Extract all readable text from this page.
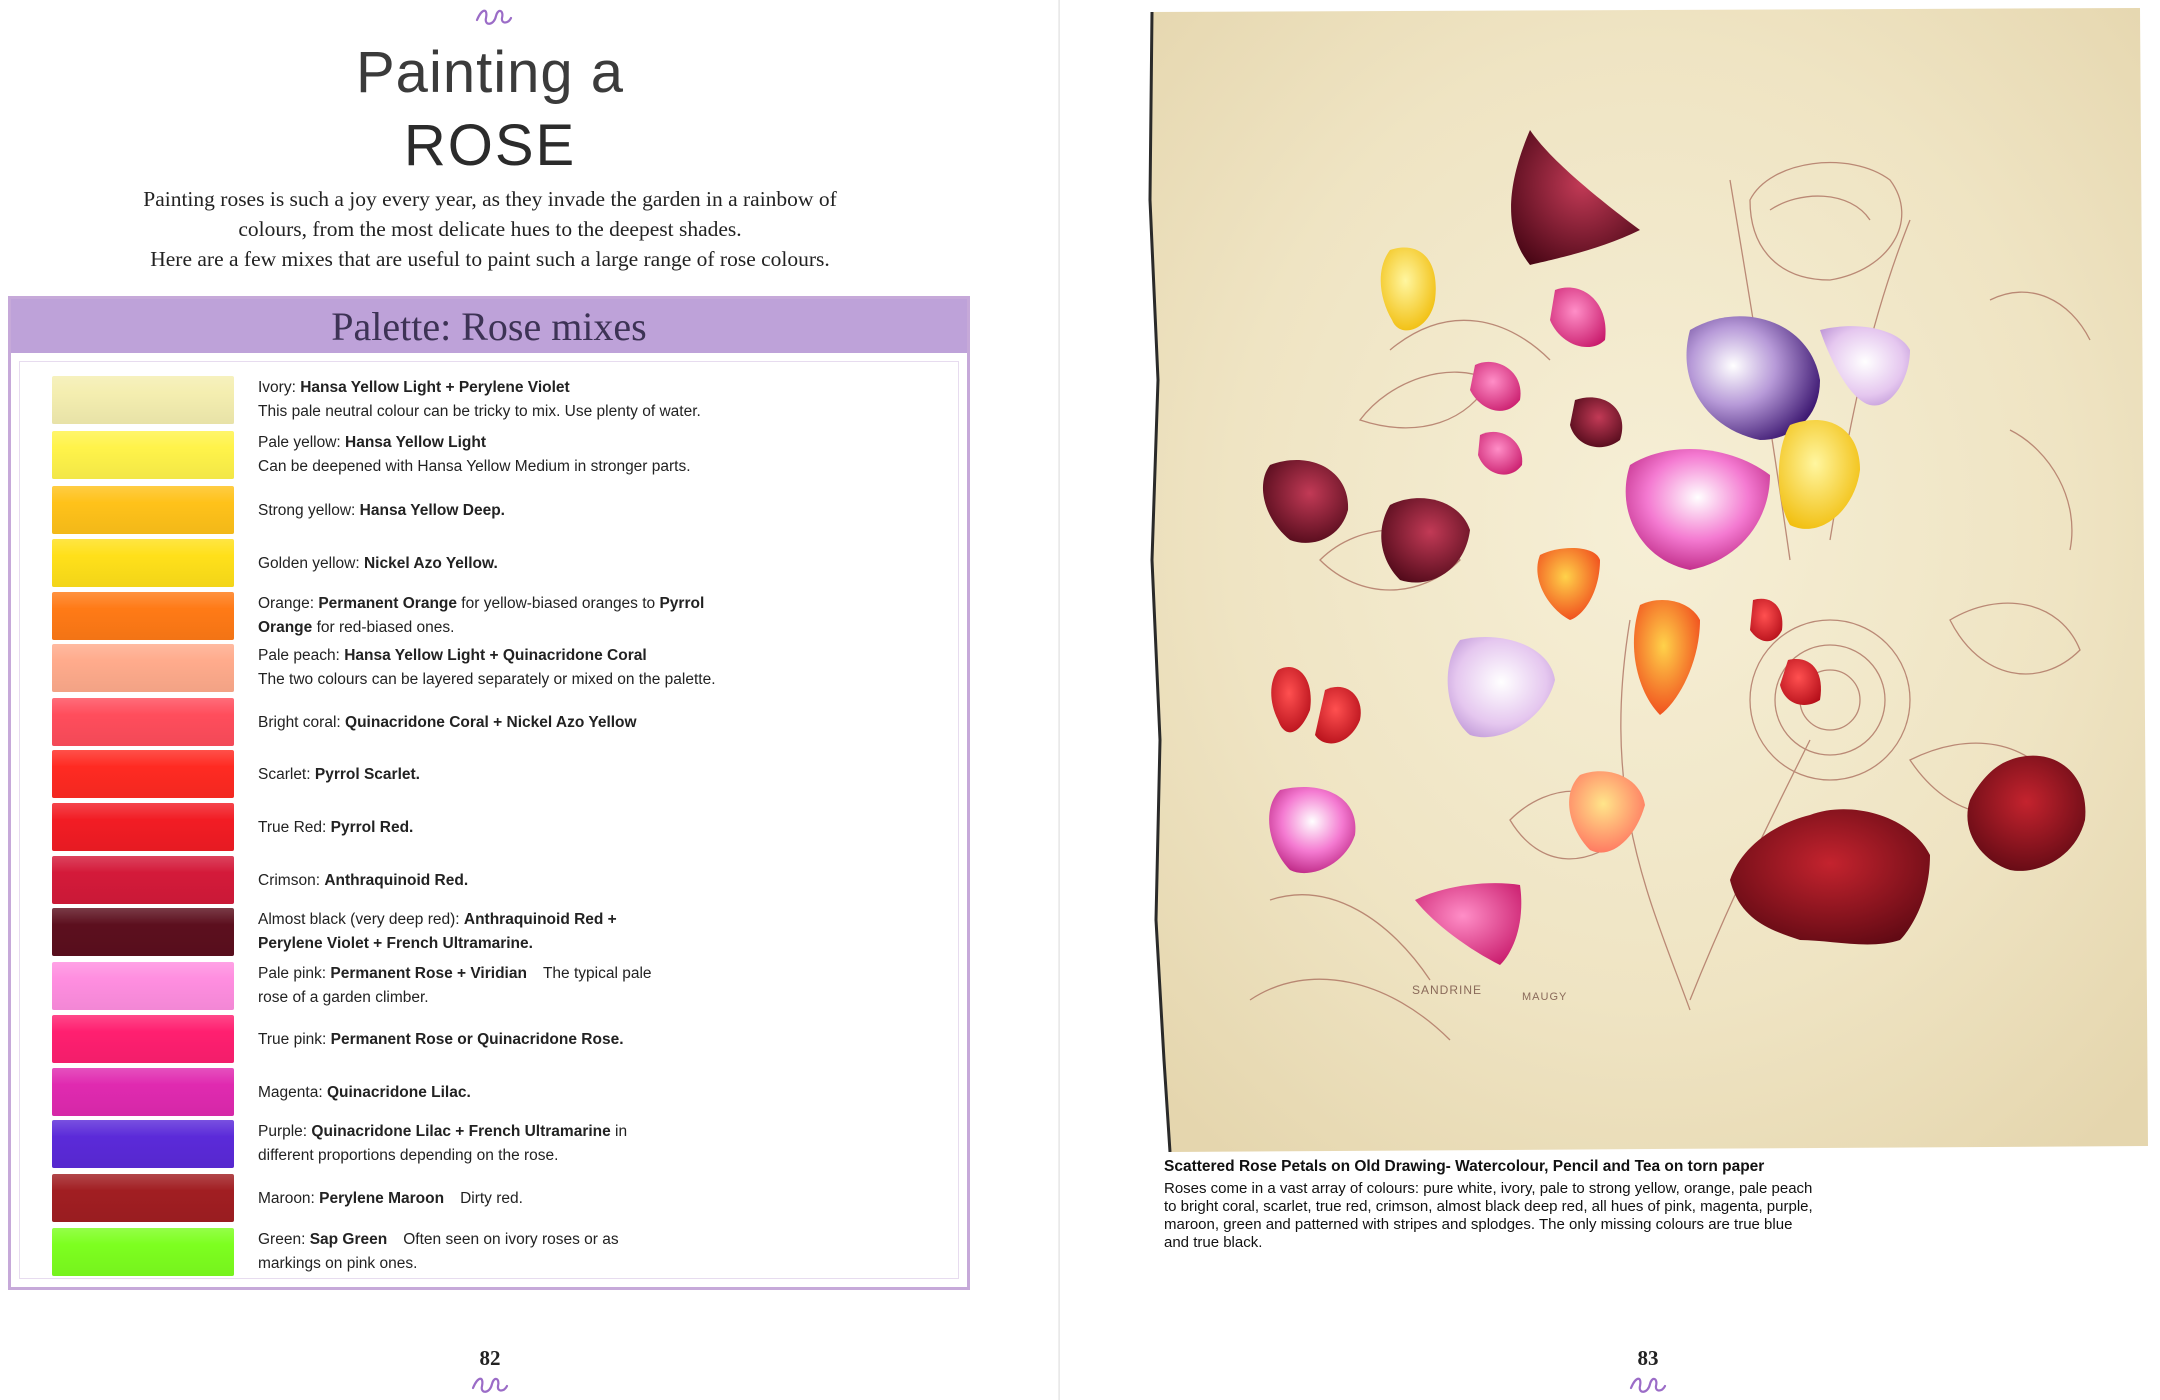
Painting a
ROSE
Painting roses is such a joy every year, as they invade the garden in a rainbow of
colours, from the most delicate hues to the deepest shades.
Here are a few mixes that are useful to paint such a large range of rose colours.
Palette: Rose mixes
Ivory: Hansa Yellow Light + Perylene Violet
This pale neutral colour can be tricky to mix. Use plenty of water.
Pale yellow: Hansa Yellow Light
Can be deepened with Hansa Yellow Medium in stronger parts.
Strong yellow: Hansa Yellow Deep.
Golden yellow: Nickel Azo Yellow.
Orange: Permanent Orange for yellow-biased oranges to Pyrrol
Orange for red-biased ones.
Pale peach: Hansa Yellow Light + Quinacridone Coral
The two colours can be layered separately or mixed on the palette.
Bright coral: Quinacridone Coral + Nickel Azo Yellow
Scarlet: Pyrrol Scarlet.
True Red: Pyrrol Red.
Crimson: Anthraquinoid Red.
Almost black (very deep red): Anthraquinoid Red +
Perylene Violet + French Ultramarine.
Pale pink: Permanent Rose + Viridian The typical pale
rose of a garden climber.
True pink: Permanent Rose or Quinacridone Rose.
Magenta: Quinacridone Lilac.
Purple: Quinacridone Lilac + French Ultramarine in
different proportions depending on the rose.
Maroon: Perylene Maroon Dirty red.
Green: Sap Green Often seen on ivory roses or as
markings on pink ones.
82
SANDRINE	MAUGY
Scattered Rose Petals on Old Drawing- Watercolour, Pencil and Tea on torn paper
Roses come in a vast array of colours: pure white, ivory, pale to strong yellow, orange, pale peach
to bright coral, scarlet, true red, crimson, almost black deep red, all hues of pink, magenta, purple,
maroon, green and patterned with stripes and splodges. The only missing colours are true blue
and true black.
83
